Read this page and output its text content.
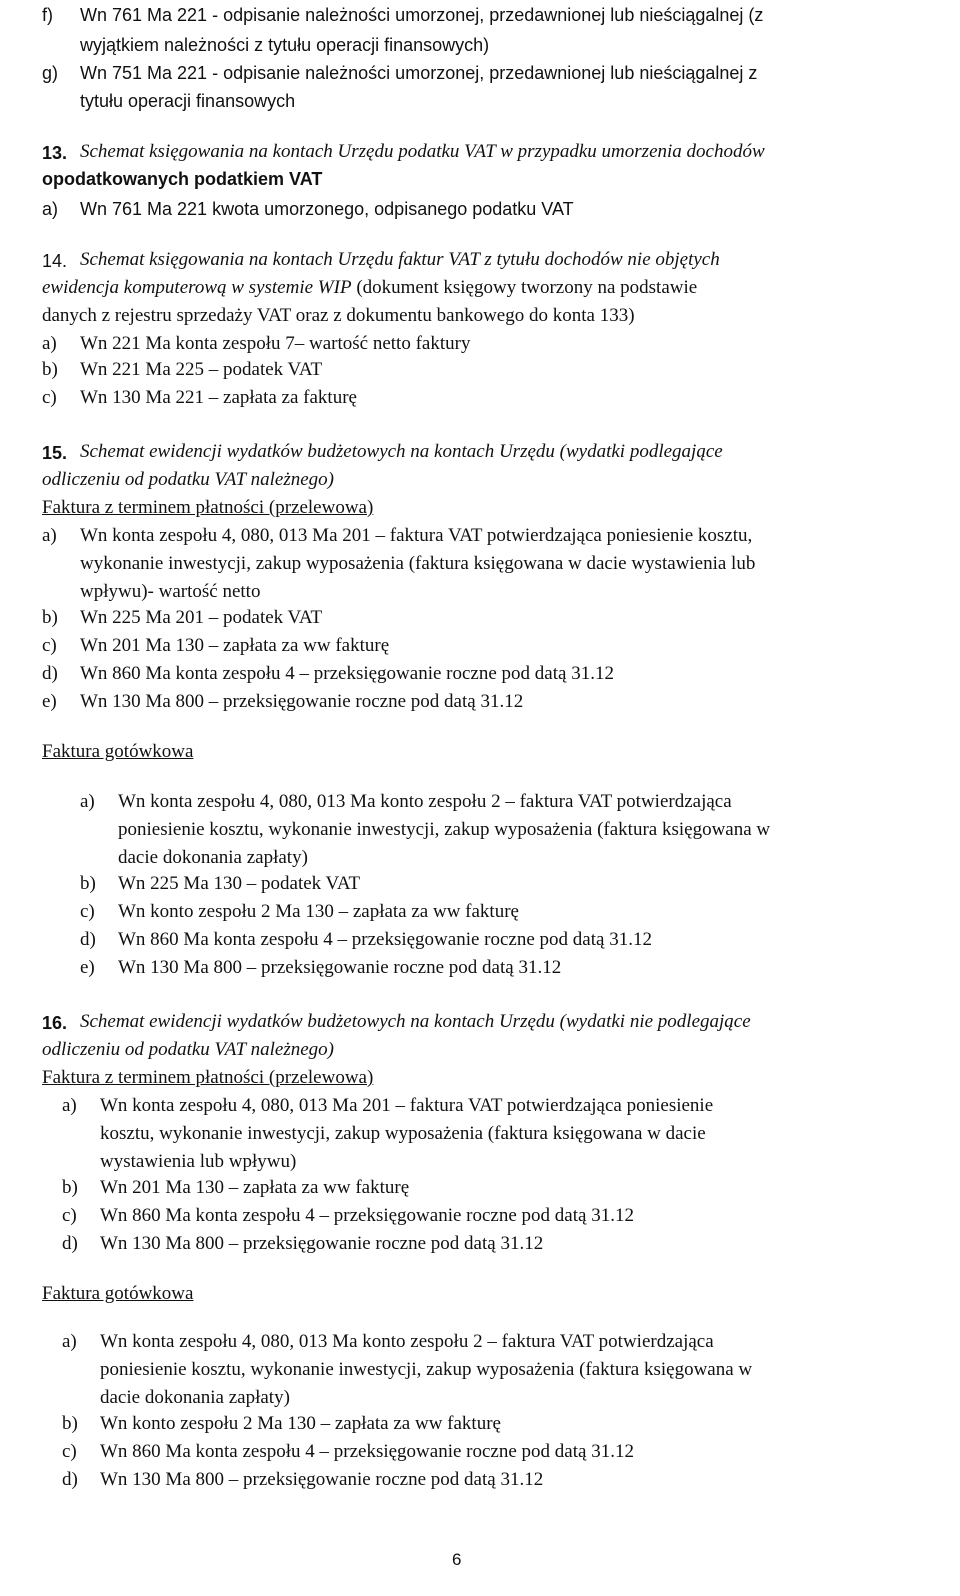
f) Wn 761 Ma 221 - odpisanie należności umorzonej, przedawnionej lub nieściągalnej (z
wyjątkiem należności z tytułu operacji finansowych)
g) Wn 751 Ma 221 - odpisanie należności umorzonej, przedawnionej lub nieściągalnej z
tytułu operacji finansowych
13. Schemat księgowania na kontach Urzędu podatku VAT w przypadku umorzenia dochodów
opodatkowanych podatkiem VAT
a) Wn 761 Ma 221 kwota umorzonego, odpisanego podatku VAT
14. Schemat księgowania na kontach Urzędu faktur VAT z tytułu dochodów nie objętych
ewidencja komputerową w systemie WIP (dokument księgowy tworzony na podstawie
danych z rejestru sprzedaży VAT oraz z dokumentu bankowego do konta 133)
a) Wn 221 Ma konta zespołu 7– wartość netto faktury
b) Wn 221 Ma 225 – podatek VAT
c) Wn 130 Ma 221 – zapłata za fakturę
15. Schemat ewidencji wydatków budżetowych na kontach Urzędu (wydatki podlegające
odliczeniu od podatku VAT należnego)
Faktura z terminem płatności (przelewowa)
a) Wn konta zespołu 4, 080, 013 Ma 201 – faktura VAT potwierdzająca poniesienie kosztu,
wykonanie inwestycji, zakup wyposażenia (faktura księgowana w dacie wystawienia lub
wpływu)- wartość netto
b) Wn 225 Ma 201 – podatek VAT
c) Wn 201 Ma 130 – zapłata za ww fakturę
d) Wn 860 Ma konta zespołu 4 – przeksięgowanie roczne pod datą 31.12
e) Wn 130 Ma 800 – przeksięgowanie roczne pod datą 31.12
Faktura gotówkowa
a) Wn konta zespołu 4, 080, 013 Ma konto zespołu 2 – faktura VAT potwierdzająca
poniesienie kosztu, wykonanie inwestycji, zakup wyposażenia (faktura księgowana w
dacie dokonania zapłaty)
b) Wn 225 Ma 130 – podatek VAT
c) Wn konto zespołu 2 Ma 130 – zapłata za ww fakturę
d) Wn 860 Ma konta zespołu 4 – przeksięgowanie roczne pod datą 31.12
e) Wn 130 Ma 800 – przeksięgowanie roczne pod datą 31.12
16. Schemat ewidencji wydatków budżetowych na kontach Urzędu (wydatki nie podlegające
odliczeniu od podatku VAT należnego)
Faktura z terminem płatności (przelewowa)
a) Wn konta zespołu 4, 080, 013 Ma 201 – faktura VAT potwierdzająca poniesienie
kosztu, wykonanie inwestycji, zakup wyposażenia (faktura księgowana w dacie
wystawienia lub wpływu)
b) Wn 201 Ma 130 – zapłata za ww fakturę
c) Wn 860 Ma konta zespołu 4 – przeksięgowanie roczne pod datą 31.12
d) Wn 130 Ma 800 – przeksięgowanie roczne pod datą 31.12
Faktura gotówkowa
a) Wn konta zespołu 4, 080, 013 Ma konto zespołu 2 – faktura VAT potwierdzająca
poniesienie kosztu, wykonanie inwestycji, zakup wyposażenia (faktura księgowana w
dacie dokonania zapłaty)
b) Wn konto zespołu 2 Ma 130 – zapłata za ww fakturę
c) Wn 860 Ma konta zespołu 4 – przeksięgowanie roczne pod datą 31.12
d) Wn 130 Ma 800 – przeksięgowanie roczne pod datą 31.12
6
